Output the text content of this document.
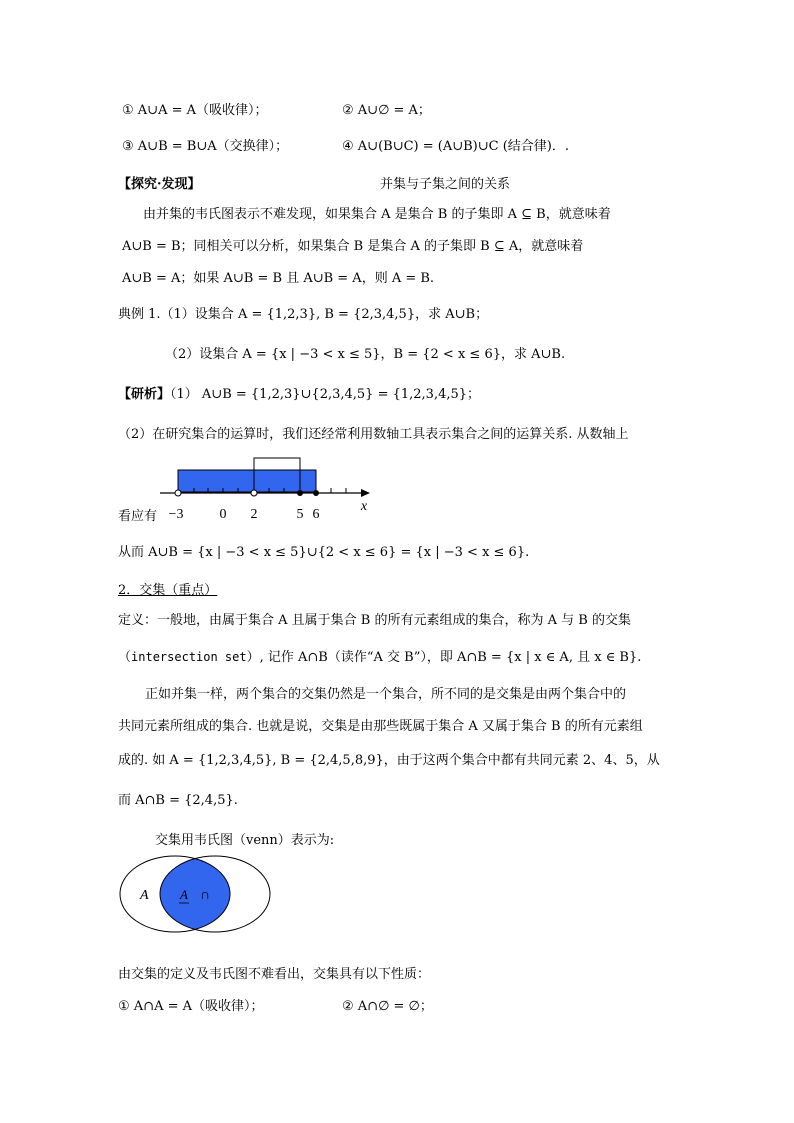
① A∪A = A（吸收律）；	② A∪∅ = A；
③ A∪B = B∪A（交换律）；	④ A∪(B∪C) = (A∪B)∪C (结合律)．.
【探究·发现】	并集与子集之间的关系
由并集的韦氏图表示不难发现，如果集合 A 是集合 B 的子集即 A ⊆ B，就意味着
A∪B = B；同相关可以分析，如果集合 B 是集合 A 的子集即 B ⊆ A，就意味着
A∪B = A；如果 A∪B = B 且 A∪B = A，则 A = B.
典例 1.（1）设集合 A = {1,2,3}, B = {2,3,4,5}，求 A∪B；
（2）设集合 A = {x | −3 < x ≤ 5}，B = {2 < x ≤ 6}，求 A∪B.
【研析】（1） A∪B = {1,2,3}∪{2,3,4,5} = {1,2,3,4,5}；
（2）在研究集合的运算时，我们还经常利用数轴工具表示集合之间的运算关系. 从数轴上
−3	0 2	5 6
x
看应有
从而 A∪B = {x | −3 < x ≤ 5}∪{2 < x ≤ 6} = {x | −3 < x ≤ 6}.
2．交集（重点）
定义：一般地，由属于集合 A 且属于集合 B 的所有元素组成的集合，称为 A 与 B 的交集
（intersection set）, 记作 A∩B（读作“A 交 B”），即 A∩B = {x | x ∈ A, 且 x ∈ B}.
正如并集一样，两个集合的交集仍然是一个集合，所不同的是交集是由两个集合中的
共同元素所组成的集合. 也就是说，交集是由那些既属于集合 A 又属于集合 B 的所有元素组
成的. 如 A = {1,2,3,4,5}, B = {2,4,5,8,9}，由于这两个集合中都有共同元素 2、4、5，从
而 A∩B = {2,4,5}.
交集用韦氏图（venn）表示为:
A A ∩
由交集的定义及韦氏图不难看出，交集具有以下性质：
① A∩A = A（吸收律）；	② A∩∅ = ∅；
